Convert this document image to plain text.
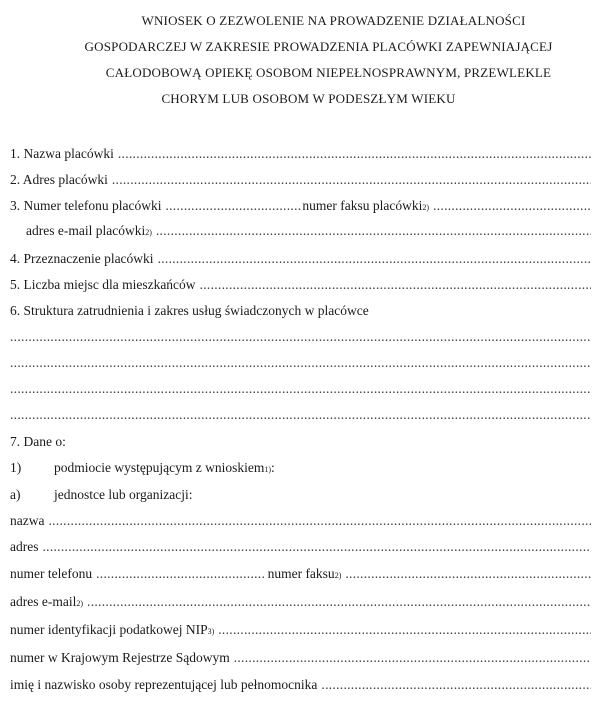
WNIOSEK O ZEZWOLENIE NA PROWADZENIE DZIAŁALNOŚCI
GOSPODARCZEJ W ZAKRESIE PROWADZENIA PLACÓWKI ZAPEWNIAJĄCEJ
CAŁODOBOWĄ OPIEKĘ OSOBOM NIEPEŁNOSPRAWNYM, PRZEWLEKLE
CHORYM LUB OSOBOM W PODESZŁYM WIEKU
1. Nazwa placówki
.....
2. Adres placówki
.....
3. Numer telefonu placówki .....	numer faksu placówki 2)
.....
adres e-mail placówki 2)
.....
4. Przeznaczenie placówki
.....
5. Liczba miejsc dla mieszkańców
.....
6. Struktura zatrudnienia i zakres usług świadczonych w placówce
.....
.....
.....
.....
7. Dane o:
1)	podmiocie występującym z wnioskiem 1) :
a)	jednostce lub organizacji:
nazwa
.....
adres
.....
numer telefonu .....	numer faksu 2)
.....
adres e-mail 2)
.....
numer identyfikacji podatkowej NIP 3)
.....
numer w Krajowym Rejestrze Sądowym
.....
imię i nazwisko osoby reprezentującej lub pełnomocnika
.....
